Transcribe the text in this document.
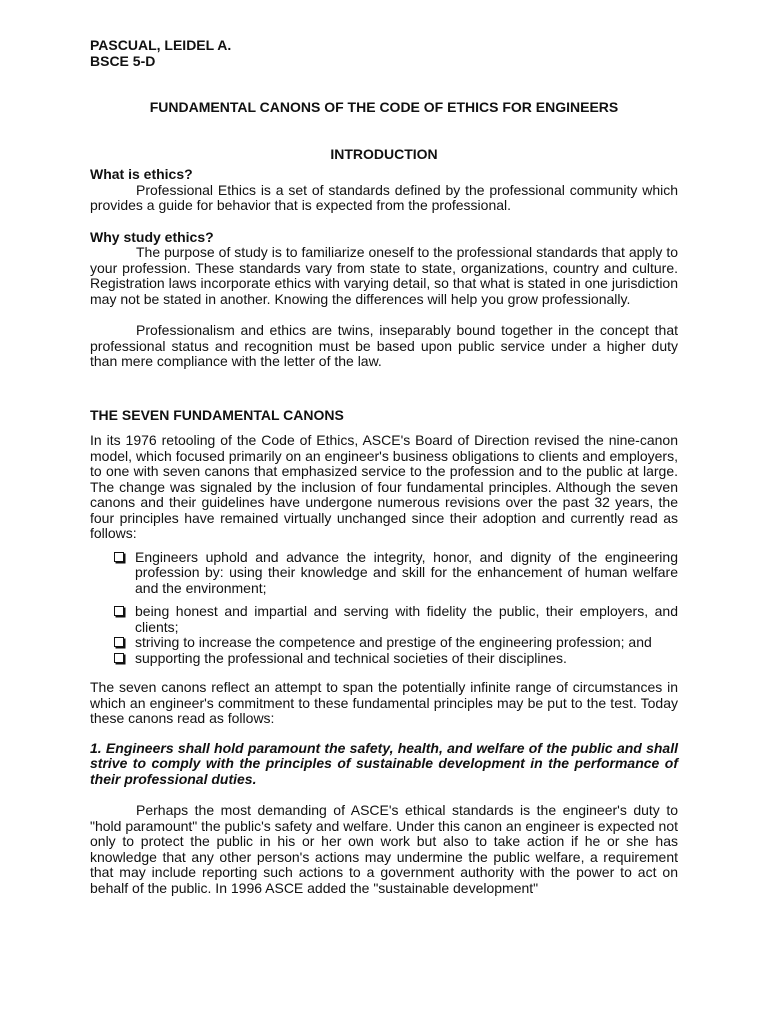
PASCUAL, LEIDEL A.
BSCE 5-D
FUNDAMENTAL CANONS OF THE CODE OF ETHICS FOR ENGINEERS
INTRODUCTION
What is ethics?

Professional Ethics is a set of standards defined by the professional community which provides a guide for behavior that is expected from the professional.

Why study ethics?

The purpose of study is to familiarize oneself to the professional standards that apply to your profession. These standards vary from state to state, organizations, country and culture. Registration laws incorporate ethics with varying detail, so that what is stated in one jurisdiction may not be stated in another. Knowing the differences will help you grow professionally.

Professionalism and ethics are twins, inseparably bound together in the concept that professional status and recognition must be based upon public service under a higher duty than mere compliance with the letter of the law.

THE SEVEN FUNDAMENTAL CANONS

In its 1976 retooling of the Code of Ethics, ASCE's Board of Direction revised the nine-canon model, which focused primarily on an engineer's business obligations to clients and employers, to one with seven canons that emphasized service to the profession and to the public at large. The change was signaled by the inclusion of four fundamental principles. Although the seven canons and their guidelines have undergone numerous revisions over the past 32 years, the four principles have remained virtually unchanged since their adoption and currently read as follows:

Engineers uphold and advance the integrity, honor, and dignity of the engineering profession by: using their knowledge and skill for the enhancement of human welfare and the environment;
being honest and impartial and serving with fidelity the public, their employers, and clients;
striving to increase the competence and prestige of the engineering profession; and
supporting the professional and technical societies of their disciplines.

The seven canons reflect an attempt to span the potentially infinite range of circumstances in which an engineer's commitment to these fundamental principles may be put to the test. Today these canons read as follows:

1. Engineers shall hold paramount the safety, health, and welfare of the public and shall strive to comply with the principles of sustainable development in the performance of their professional duties.

Perhaps the most demanding of ASCE's ethical standards is the engineer's duty to "hold paramount" the public's safety and welfare. Under this canon an engineer is expected not only to protect the public in his or her own work but also to take action if he or she has knowledge that any other person's actions may undermine the public welfare, a requirement that may include reporting such actions to a government authority with the power to act on behalf of the public. In 1996 ASCE added the "sustainable development"
